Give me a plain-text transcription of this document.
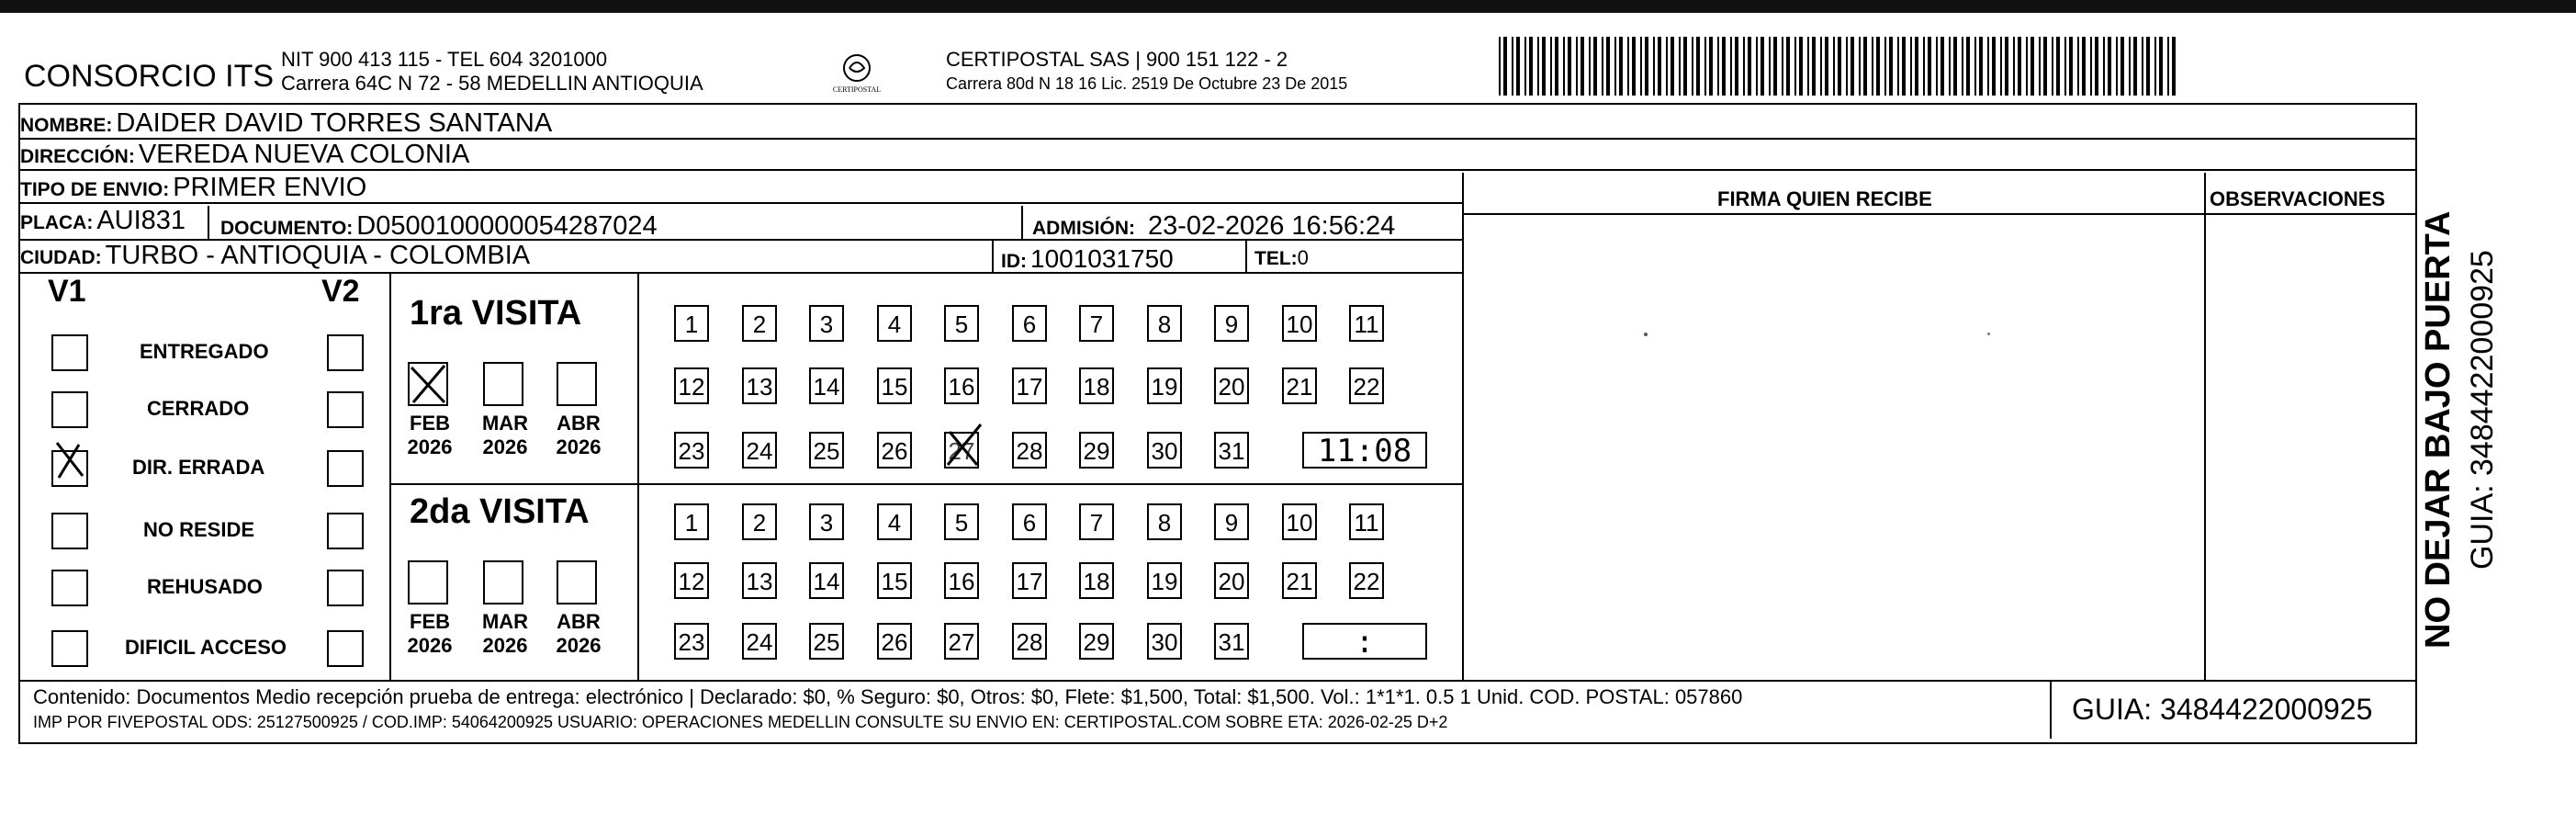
CONSORCIO ITS NIT 900 413 115 - TEL 604 3201000
Carrera 64C N 72 - 58 MEDELLIN ANTIOQUIA	CERTIPOSTAL
CERTIPOSTAL SAS | 900 151 122 - 2
Carrera 80d N 18 16 Lic. 2519 De Octubre 23 De 2015
NOMBRE: DAIDER DAVID TORRES SANTANA
DIRECCIÓN: VEREDA NUEVA COLONIA
TIPO DE ENVIO: PRIMER ENVIO
PLACA: AUI831	DOCUMENTO: D0500100000054287024	ADMISIÓN: 23-02-2026 16:56:24
CIUDAD: TURBO - ANTIOQUIA - COLOMBIA	ID: 1001031750	TEL:0
FIRMA QUIEN RECIBE	OBSERVACIONES
V1	V2
ENTREGADO
CERRADO
DIR. ERRADA
NO RESIDE
REHUSADO
DIFICIL ACCESO
1ra VISITA
2da VISITA
FEB
2026
MAR
2026
ABR
2026
FEB
2026
MAR
2026
ABR
2026
1	2	3	4	5	6	7	8	9	10 11
12 13 14 15 16 17 18 19 20 21 22
23 24 25 26 27 28 29 30 31	11:08
1	2	3	4	5	6	7	8	9	10 11
12 13 14 15 16 17 18 19 20 21 22
23 24 25 26 27 28 29 30 31	:
Contenido: Documentos Medio recepción prueba de entrega: electrónico | Declarado: $0, % Seguro: $0, Otros: $0, Flete: $1,500, Total: $1,500. Vol.: 1*1*1. 0.5 1 Unid. COD. POSTAL: 057860
IMP POR FIVEPOSTAL ODS: 25127500925 / COD.IMP: 54064200925 USUARIO: OPERACIONES MEDELLIN CONSULTE SU ENVIO EN: CERTIPOSTAL.COM SOBRE ETA: 2026-02-25 D+2	GUIA: 3484422000925
NO DEJAR BAJO PUERTA GUIA: 3484422000925
